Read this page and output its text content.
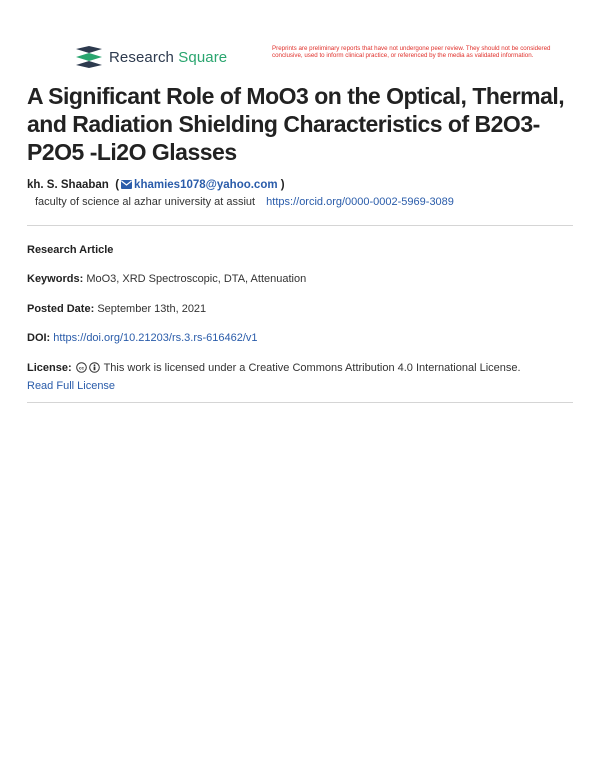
Research Square	Preprints are preliminary reports that have not undergone peer review. They should not be considered conclusive, used to inform clinical practice, or referenced by the media as validated information.
A Significant Role of MoO3 on the Optical, Thermal, and Radiation Shielding Characteristics of B2O3-P2O5 -Li2O Glasses
kh. S. Shaaban ( khamies1078@yahoo.com )
faculty of science al azhar university at assiut https://orcid.org/0000-0002-5969-3089
Research Article
Keywords: MoO3, XRD Spectroscopic, DTA, Attenuation
Posted Date: September 13th, 2021
DOI: https://doi.org/10.21203/rs.3.rs-616462/v1
License: cc This work is licensed under a Creative Commons Attribution 4.0 International License.
Read Full License
